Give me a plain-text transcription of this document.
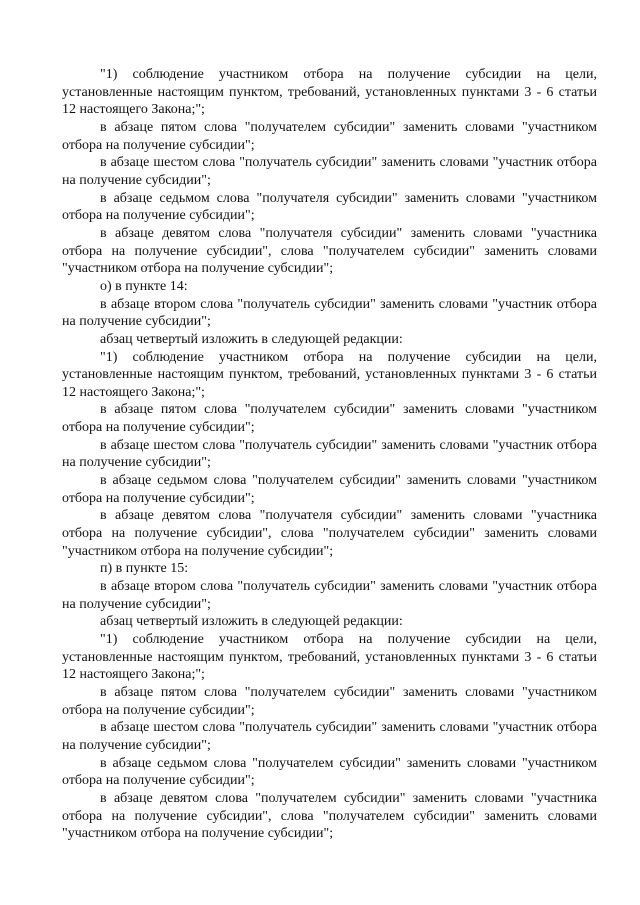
"1) соблюдение участником отбора на получение субсидии на цели, установленные настоящим пунктом, требований, установленных пунктами 3 - 6 статьи 12 настоящего Закона;";

в абзаце пятом слова "получателем субсидии" заменить словами "участником отбора на получение субсидии";

в абзаце шестом слова "получатель субсидии" заменить словами "участник отбора на получение субсидии";

в абзаце седьмом слова "получателя субсидии" заменить словами "участником отбора на получение субсидии";

в абзаце девятом слова "получателя субсидии" заменить словами "участника отбора на получение субсидии", слова "получателем субсидии" заменить словами "участником отбора на получение субсидии";

о) в пункте 14:

в абзаце втором слова "получатель субсидии" заменить словами "участник отбора на получение субсидии";

абзац четвертый изложить в следующей редакции:

"1) соблюдение участником отбора на получение субсидии на цели, установленные настоящим пунктом, требований, установленных пунктами 3 - 6 статьи 12 настоящего Закона;";

в абзаце пятом слова "получателем субсидии" заменить словами "участником отбора на получение субсидии";

в абзаце шестом слова "получатель субсидии" заменить словами "участник отбора на получение субсидии";

в абзаце седьмом слова "получателем субсидии" заменить словами "участником отбора на получение субсидии";

в абзаце девятом слова "получателя субсидии" заменить словами "участника отбора на получение субсидии", слова "получателем субсидии" заменить словами "участником отбора на получение субсидии";

п) в пункте 15:

в абзаце втором слова "получатель субсидии" заменить словами "участник отбора на получение субсидии";

абзац четвертый изложить в следующей редакции:

"1) соблюдение участником отбора на получение субсидии на цели, установленные настоящим пунктом, требований, установленных пунктами 3 - 6 статьи 12 настоящего Закона;";

в абзаце пятом слова "получателем субсидии" заменить словами "участником отбора на получение субсидии";

в абзаце шестом слова "получатель субсидии" заменить словами "участник отбора на получение субсидии";

в абзаце седьмом слова "получателем субсидии" заменить словами "участником отбора на получение субсидии";

в абзаце девятом слова "получателем субсидии" заменить словами "участника отбора на получение субсидии", слова "получателем субсидии" заменить словами "участником отбора на получение субсидии";
